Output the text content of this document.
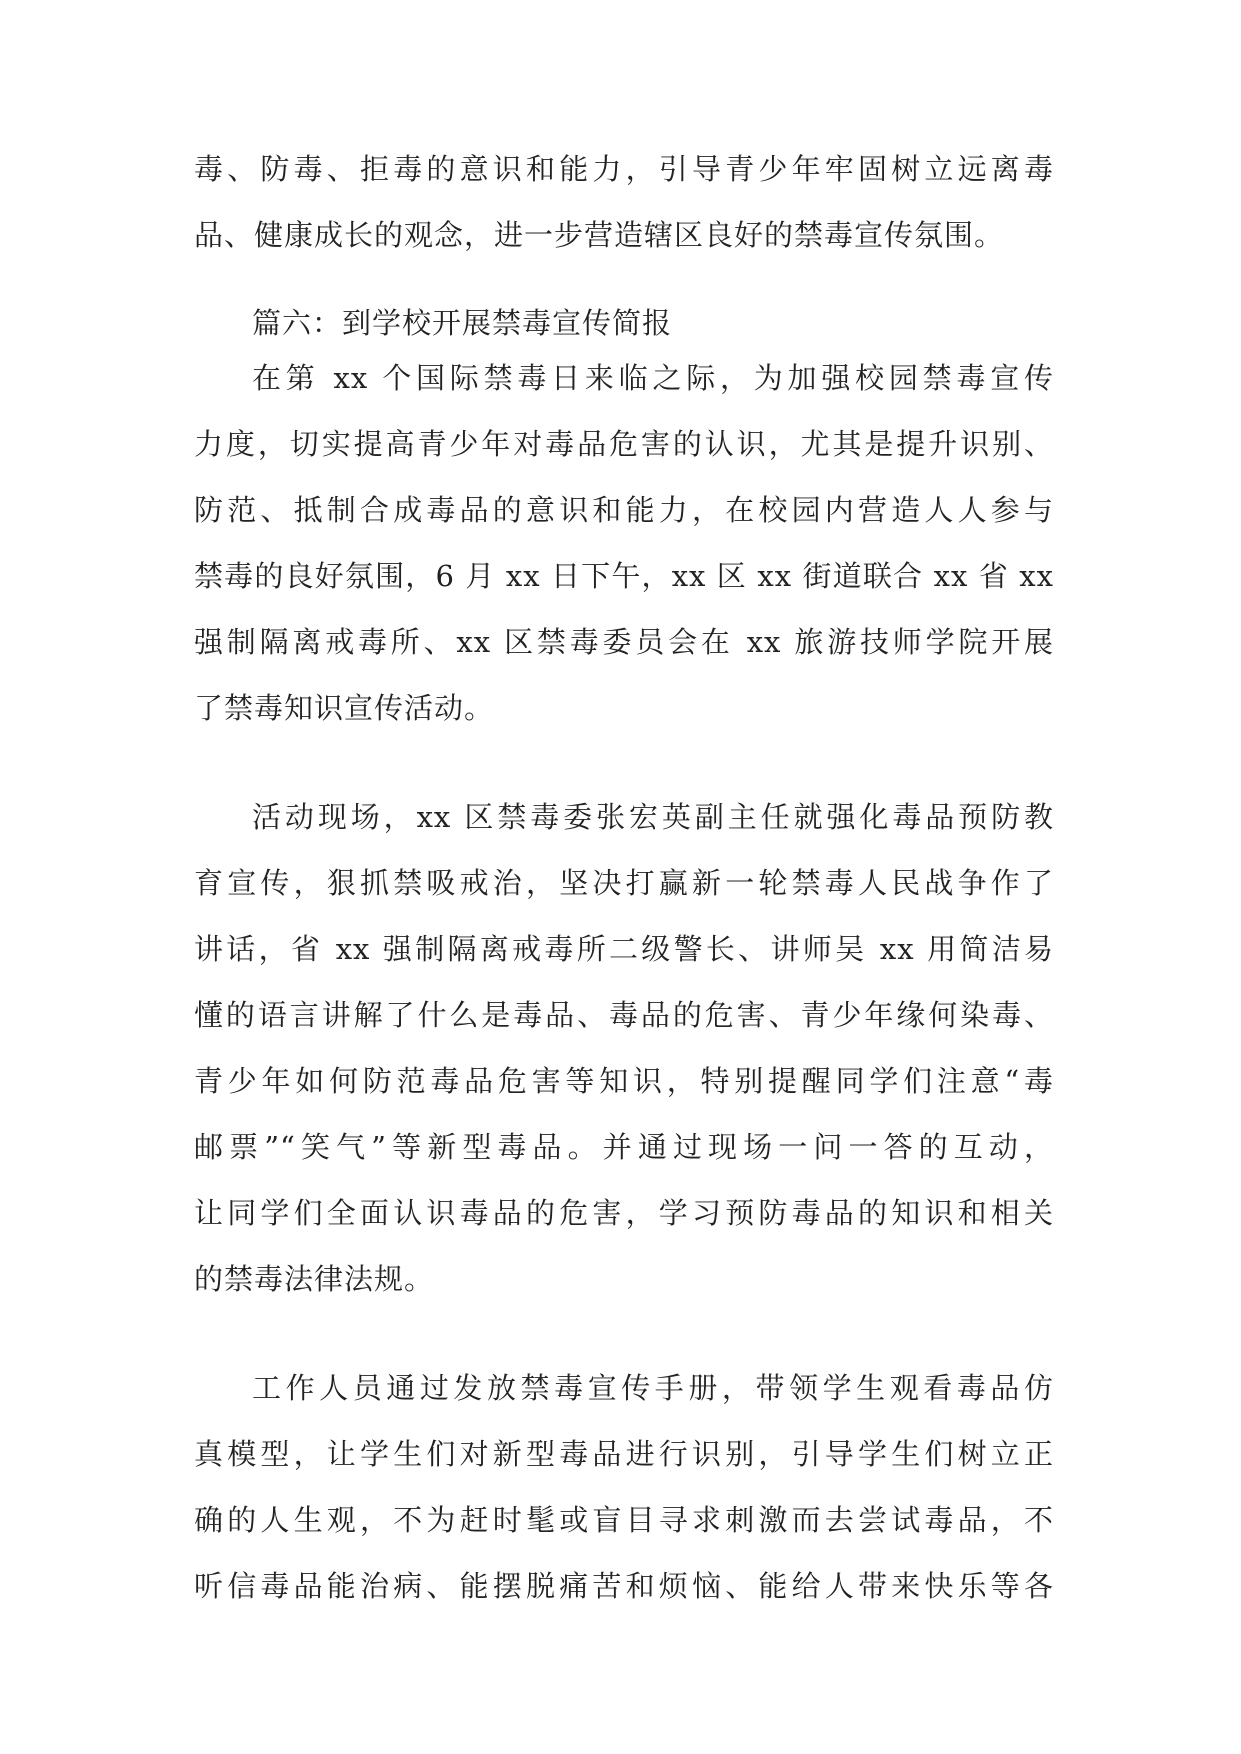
毒、防毒、拒毒的意识和能力，引导青少年牢固树立远离毒
品、健康成长的观念，进一步营造辖区良好的禁毒宣传氛围。
篇六：到学校开展禁毒宣传简报
在第 xx 个国际禁毒日来临之际，为加强校园禁毒宣传
力度，切实提高青少年对毒品危害的认识，尤其是提升识别、
防范、抵制合成毒品的意识和能力，在校园内营造人人参与
禁毒的良好氛围，6 月 xx 日下午，xx 区 xx 街道联合 xx 省 xx
强制隔离戒毒所、xx 区禁毒委员会在 xx 旅游技师学院开展
了禁毒知识宣传活动。
活动现场，xx 区禁毒委张宏英副主任就强化毒品预防教
育宣传，狠抓禁吸戒治，坚决打赢新一轮禁毒人民战争作了
讲话，省 xx 强制隔离戒毒所二级警长、讲师吴 xx 用简洁易
懂的语言讲解了什么是毒品、毒品的危害、青少年缘何染毒、
青少年如何防范毒品危害等知识，特别提醒同学们注意“毒
邮票”“笑气”等新型毒品。并通过现场一问一答的互动，
让同学们全面认识毒品的危害，学习预防毒品的知识和相关
的禁毒法律法规。
工作人员通过发放禁毒宣传手册，带领学生观看毒品仿
真模型，让学生们对新型毒品进行识别，引导学生们树立正
确的人生观，不为赶时髦或盲目寻求刺激而去尝试毒品，不
听信毒品能治病、能摆脱痛苦和烦恼、能给人带来快乐等各
